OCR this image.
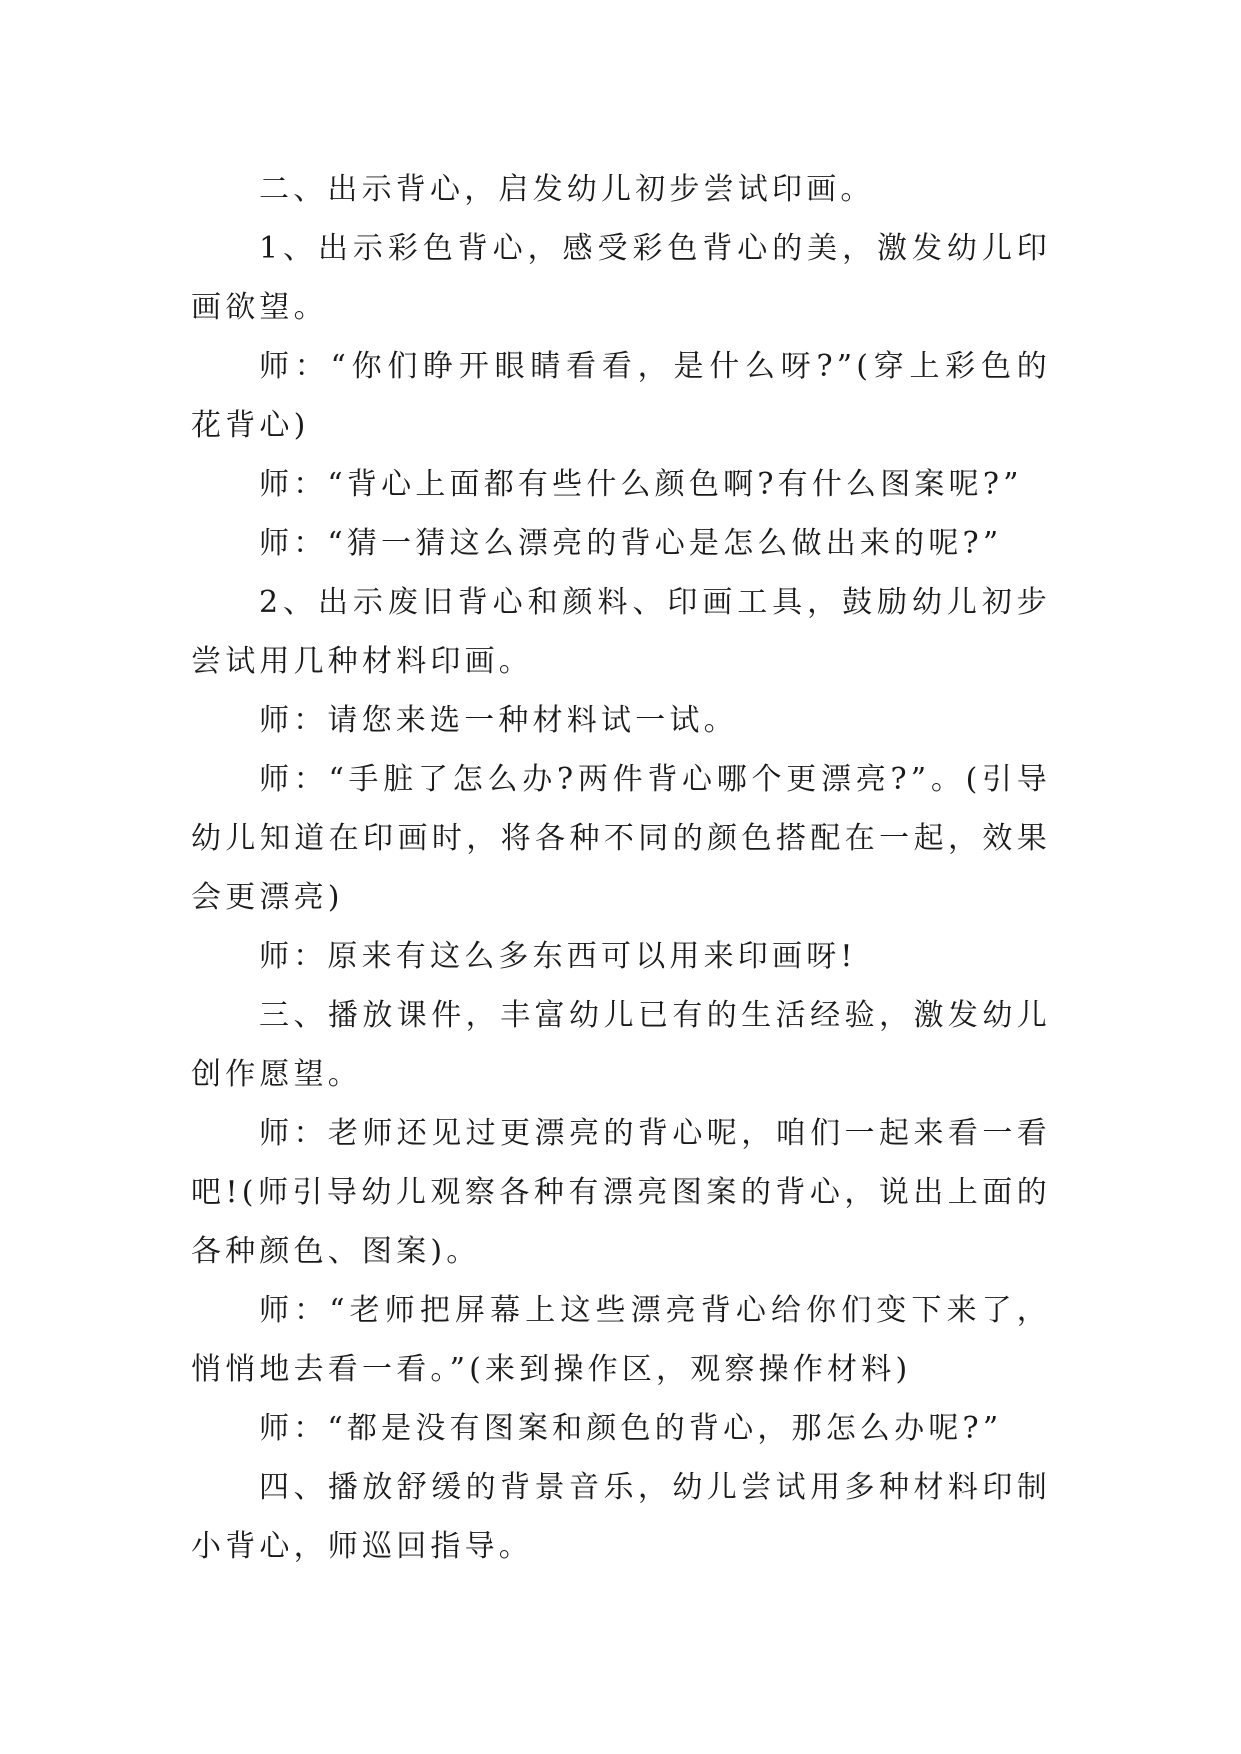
二、出示背心，启发幼儿初步尝试印画。

1、出示彩色背心，感受彩色背心的美，激发幼儿印画欲望。

师：“你们睁开眼睛看看，是什么呀?”(穿上彩色的花背心)

师：“背心上面都有些什么颜色啊?有什么图案呢?”

师：“猜一猜这么漂亮的背心是怎么做出来的呢?”

2、出示废旧背心和颜料、印画工具，鼓励幼儿初步尝试用几种材料印画。

师：请您来选一种材料试一试。

师：“手脏了怎么办?两件背心哪个更漂亮?”。(引导幼儿知道在印画时，将各种不同的颜色搭配在一起，效果会更漂亮)

师：原来有这么多东西可以用来印画呀!

三、播放课件，丰富幼儿已有的生活经验，激发幼儿创作愿望。

师：老师还见过更漂亮的背心呢，咱们一起来看一看吧!(师引导幼儿观察各种有漂亮图案的背心，说出上面的各种颜色、图案)。

师：“老师把屏幕上这些漂亮背心给你们变下来了，悄悄地去看一看。”(来到操作区，观察操作材料)

师：“都是没有图案和颜色的背心，那怎么办呢?”

四、播放舒缓的背景音乐，幼儿尝试用多种材料印制小背心，师巡回指导。
